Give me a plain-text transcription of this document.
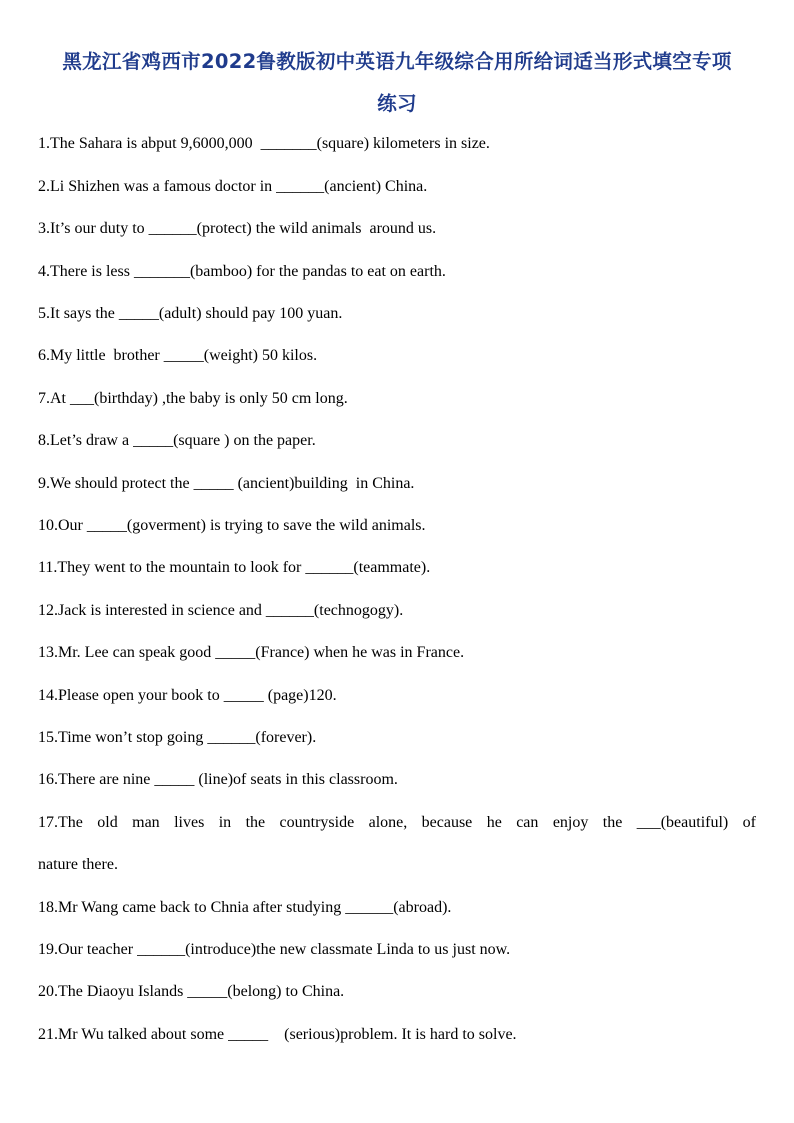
黑龙江省鸡西市2022鲁教版初中英语九年级综合用所给词适当形式填空专项
练习
1.The Sahara is abput 9,6000,000  _______(square) kilometers in size.
2.Li Shizhen was a famous doctor in ______(ancient) China.
3.It’s our duty to ______(protect) the wild animals  around us.
4.There is less _______(bamboo) for the pandas to eat on earth.
5.It says the _____(adult) should pay 100 yuan.
6.My little  brother _____(weight) 50 kilos.
7.At ___(birthday) ,the baby is only 50 cm long.
8.Let’s draw a _____(square ) on the paper.
9.We should protect the _____ (ancient)building  in China.
10.Our _____(goverment) is trying to save the wild animals.
11.They went to the mountain to look for ______(teammate).
12.Jack is interested in science and ______(technogogy).
13.Mr. Lee can speak good _____(France) when he was in France.
14.Please open your book to _____ (page)120.
15.Time won’t stop going ______(forever).
16.There are nine _____ (line)of seats in this classroom.
17.The old man lives in the countryside alone, because he can enjoy the ___(beautiful) of
nature there.
18.Mr Wang came back to Chnia after studying ______(abroad).
19.Our teacher ______(introduce)the new classmate Linda to us just now.
20.The Diaoyu Islands _____(belong) to China.
21.Mr Wu talked about some _____    (serious)problem. It is hard to solve.
